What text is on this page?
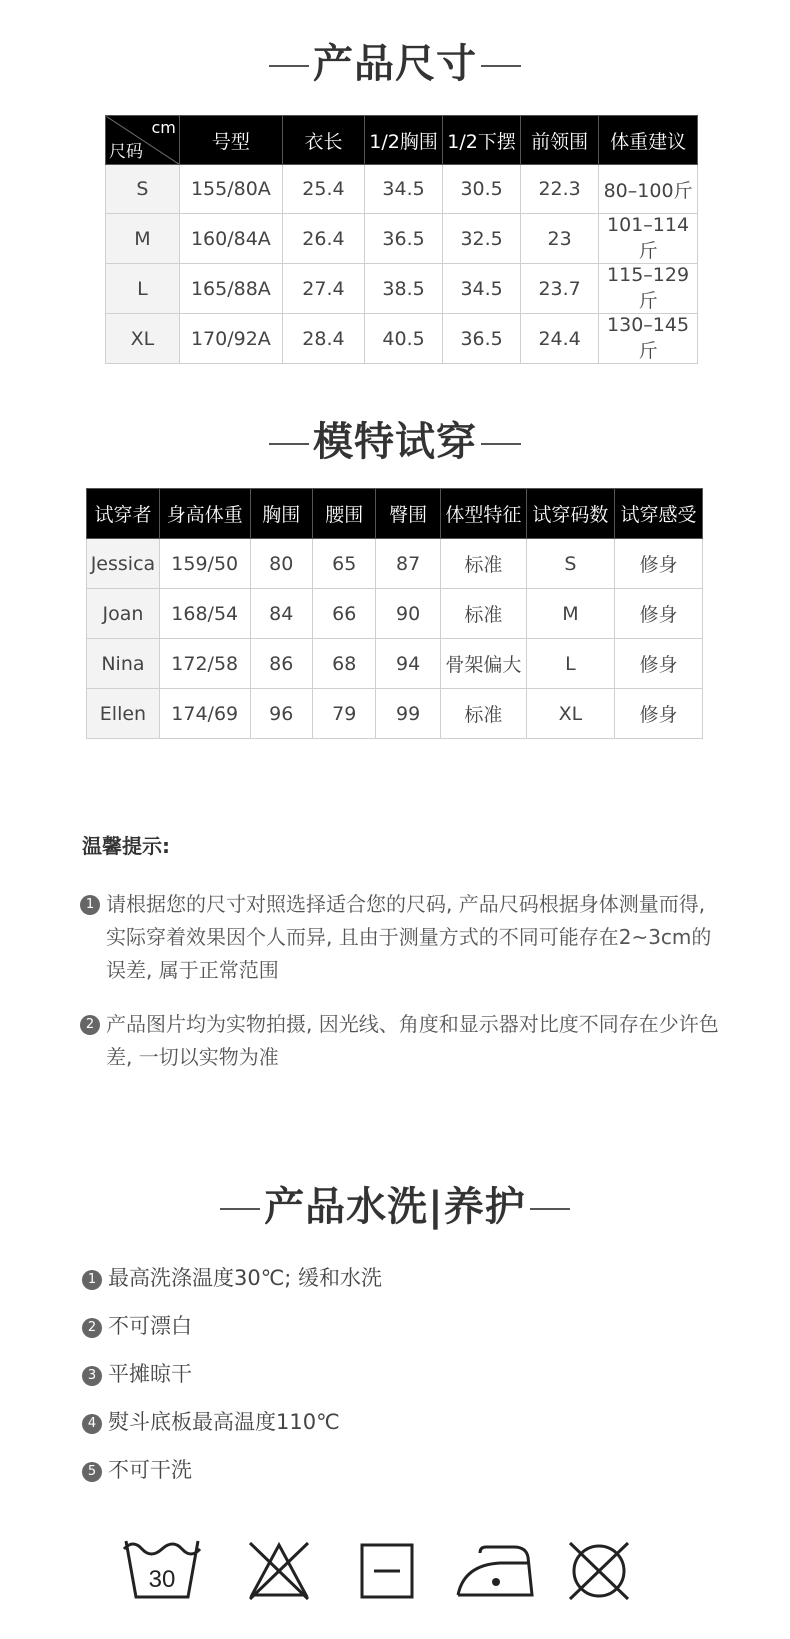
产品尺寸
cm
尺码	号型	衣长	1/2胸围	1/2下摆	前领围	体重建议
S	155/80A	25.4	34.5	30.5	22.3	80–100斤
M	160/84A	26.4	36.5	32.5	23	101–114斤
L	165/88A	27.4	38.5	34.5	23.7	115–129斤
XL	170/92A	28.4	40.5	36.5	24.4	130–145斤
模特试穿
试穿者	身高体重	胸围	腰围	臀围	体型特征	试穿码数	试穿感受
Jessica	159/50	80	65	87	标准	S	修身
Joan	168/54	84	66	90	标准	M	修身
Nina	172/58	86	68	94	骨架偏大	L	修身
Ellen	174/69	96	79	99	标准	XL	修身
温馨提示:
1 请根据您的尺寸对照选择适合您的尺码, 产品尺码根据身体测量而得, 实际穿着效果因个人而异, 且由于测量方式的不同可能存在2~3cm的误差, 属于正常范围
2 产品图片均为实物拍摄, 因光线、角度和显示器对比度不同存在少许色差, 一切以实物为准
产品水洗|养护
1 最高洗涤温度30℃; 缓和水洗
2 不可漂白
3 平摊晾干
4 熨斗底板最高温度110℃
5 不可干洗
30
